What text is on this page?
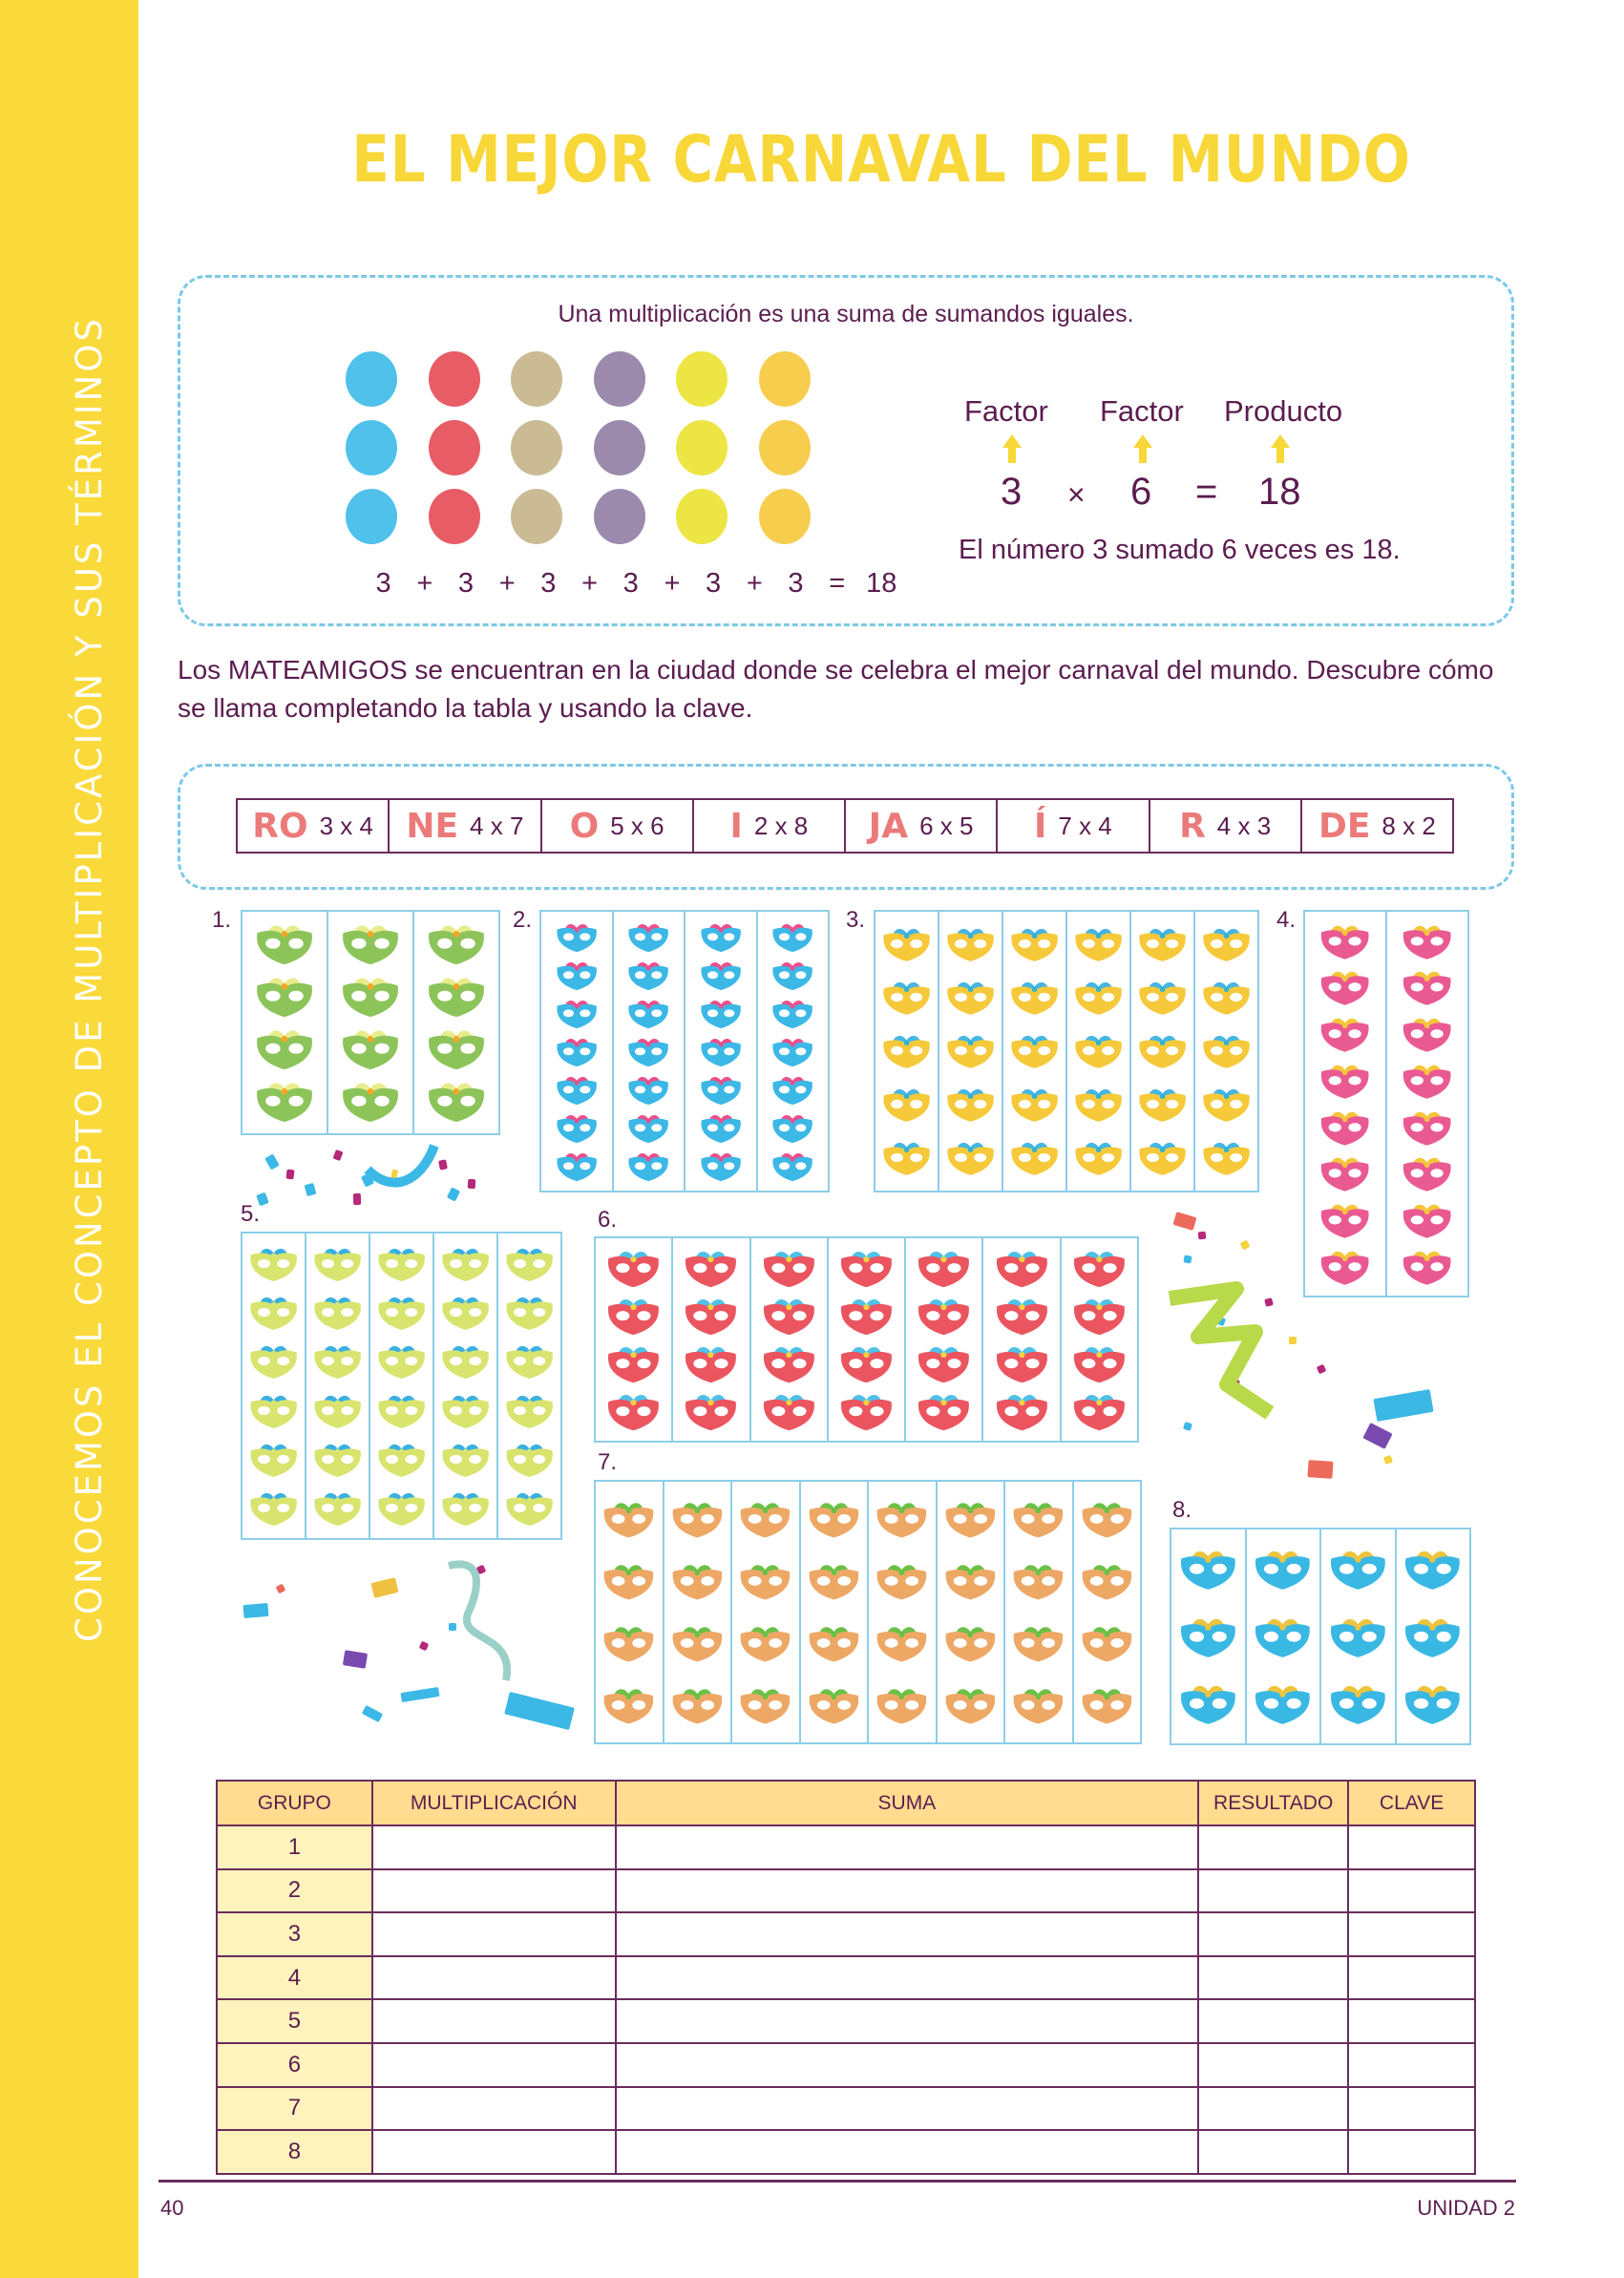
CONOCEMOS EL CONCEPTO DE MULTIPLICACIÓN Y SUS TÉRMINOS
EL MEJOR CARNAVAL DEL MUNDO
Una multiplicación es una suma de sumandos iguales.
3 + 3 + 3 + 3 + 3 + 3 = 18
Factor Factor Producto
3 × 6 = 18
El número 3 sumado 6 veces es 18.

Los MATEAMIGOS se encuentran en la ciudad donde se celebra el mejor carnaval del mundo. Descubre cómo se llama completando la tabla y usando la clave.

RO 3 x 4 NE 4 x 7 O 5 x 6 I 2 x 8 JA 6 x 5 Í 7 x 4 R 4 x 3 DE 8 x 2
1.	2.	3.	4.
5.	6.
7.
8.
GRUPO	MULTIPLICACIÓN	SUMA	RESULTADO	CLAVE
1				
2				
3				
4				
5				
6				
7				
8				
40	UNIDAD 2
